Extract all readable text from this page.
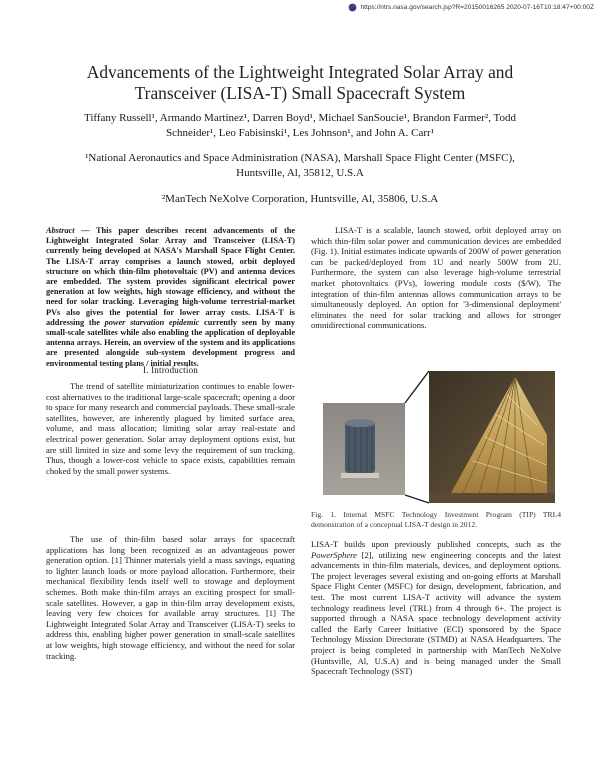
https://ntrs.nasa.gov/search.jsp?R=20150016265 2020-07-16T10:18:47+00:00Z
Advancements of the Lightweight Integrated Solar Array and
Transceiver (LISA-T) Small Spacecraft System
Tiffany Russell¹, Armando Martinez¹, Darren Boyd¹, Michael SanSoucie¹, Brandon Farmer², Todd
Schneider¹, Leo Fabisinski¹, Les Johnson¹, and John A. Carr¹
¹National Aeronautics and Space Administration (NASA), Marshall Space Flight Center (MSFC),
Huntsville, Al, 35812, U.S.A
²ManTech NeXolve Corporation, Huntsville, Al, 35806, U.S.A

Abstract — This paper describes recent advancements of the Lightweight Integrated Solar Array and Transceiver (LISA-T) currently being developed at NASA's Marshall Space Flight Center. The LISA-T array comprises a launch stowed, orbit deployed structure on which thin-film photovoltaic (PV) and antenna devices are embedded. The system provides significant electrical power generation at low weights, high stowage efficiency, and without the need for solar tracking. Leveraging high-volume terrestrial-market PVs also gives the potential for lower array costs. LISA-T is addressing the power starvation epidemic currently seen by many small-scale satellites while also enabling the application of deployable antenna arrays. Herein, an overview of the system and its applications are presented alongside sub-system development progress and environmental testing plans / initial results.

I. Introduction

The trend of satellite miniaturization continues to enable lower-cost alternatives to the traditional large-scale spacecraft; opening a door to space for many research and commercial payloads. These small-scale satellites, however, are inherently plagued by limited surface area, volume, and mass allocation; limiting solar array real-estate and electrical power generation. Solar array deployment options exist, but are still limited in size and some levy the requirement of sun tracking. Thus, though a lower-cost vehicle to space exists, capabilities remain choked by the small power systems.

The use of thin-film based solar arrays for spacecraft applications has long been recognized as an advantageous power generation option. [1] Thinner materials yield a mass savings, equating to lighter launch loads or more payload allocation. Furthermore, their mechanical flexibility lends itself well to stowage and deployment schemes. Both make thin-film arrays an exciting prospect for small-scale satellites. However, a gap in thin-film array development exists, leaving very few choices for available array structures. [1] The Lightweight Integrated Solar Array and Transceiver (LISA-T) seeks to address this, enabling higher power generation in small-scale satellites at low weights, high stowage efficiency, and without the need for solar tracking.

LISA-T is a scalable, launch stowed, orbit deployed array on which thin-film solar power and communication devices are embedded (Fig. 1). Initial estimates indicate upwards of 200W of power generation can be packed/deployed from 1U and nearly 500W from 2U. Furthermore, the system can also leverage high-volume terrestrial market photovoltaics (PVs), lowering module costs ($/W). The integration of thin-film antennas allows communication arrays to be simultaneously deployed. An option for '3-dimensional deployment' eliminates the need for solar tracking and allows for stronger omnidirectional communications.

Fig. 1. Internal MSFC Technology Investment Program (TIP) TRL4 demonstration of a conceptual LISA-T design in 2012.

LISA-T builds upon previously published concepts, such as the PowerSphere [2], utilizing new engineering concepts and the latest advancements in thin-film materials, devices, and deployment options. The project leverages several existing and on-going efforts at Marshall Space Flight Center (MSFC) for design, development, fabrication, and test. The most current LISA-T activity will advance the system technology readiness level (TRL) from 4 through 6+. The project is supported through a NASA space technology development activity called the Early Career Initiative (ECI) sponsored by the Space Technology Mission Directorate (STMD) at NASA Headquarters. The project is being completed in partnership with ManTech NeXolve (Huntsville, Al, U.S.A) and is being managed under the Small Spacecraft Technology (SST)
